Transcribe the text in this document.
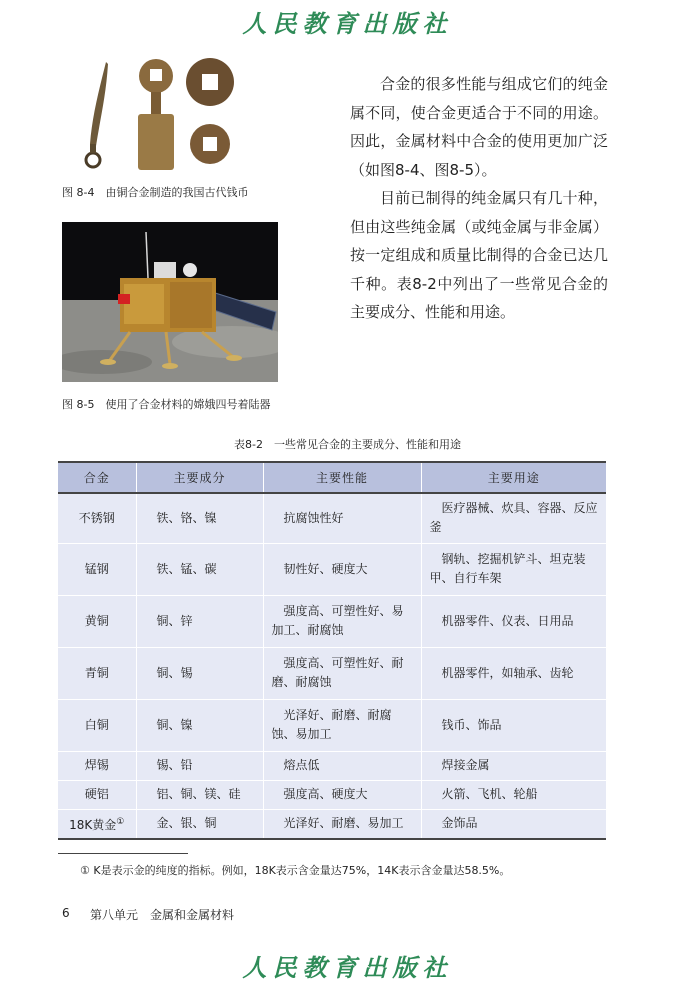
人民教育出版社
图 8-4　由铜合金制造的我国古代钱币
图 8-5　使用了合金材料的嫦娥四号着陆器

合金的很多性能与组成它们的纯金属不同，使合金更适合于不同的用途。因此，金属材料中合金的使用更加广泛（如图8-4、图8-5）。

目前已制得的纯金属只有几十种，但由这些纯金属（或纯金属与非金属）按一定组成和质量比制得的合金已达几千种。表8-2中列出了一些常见合金的主要成分、性能和用途。

表8-2　一些常见合金的主要成分、性能和用途
合金	主要成分	主要性能	主要用途
不锈钢	铁、铬、镍	抗腐蚀性好	医疗器械、炊具、容器、反应釜

锰钢	铁、锰、碳	韧性好、硬度大	钢轨、挖掘机铲斗、坦克装甲、自行车架

黄铜	铜、锌	强度高、可塑性好、易加工、耐腐蚀	机器零件、仪表、日用品

青铜	铜、锡	强度高、可塑性好、耐磨、耐腐蚀	机器零件，如轴承、齿轮

白铜	铜、镍	光泽好、耐磨、耐腐蚀、易加工	钱币、饰品

焊锡	锡、铅	熔点低	焊接金属

硬铝	铝、铜、镁、硅	强度高、硬度大	火箭、飞机、轮船

18K黄金①	金、银、铜	光泽好、耐磨、易加工	金饰品
① K是表示金的纯度的指标。例如，18K表示含金量达75%，14K表示含金量达58.5%。
6 第八单元　金属和金属材料
人民教育出版社
